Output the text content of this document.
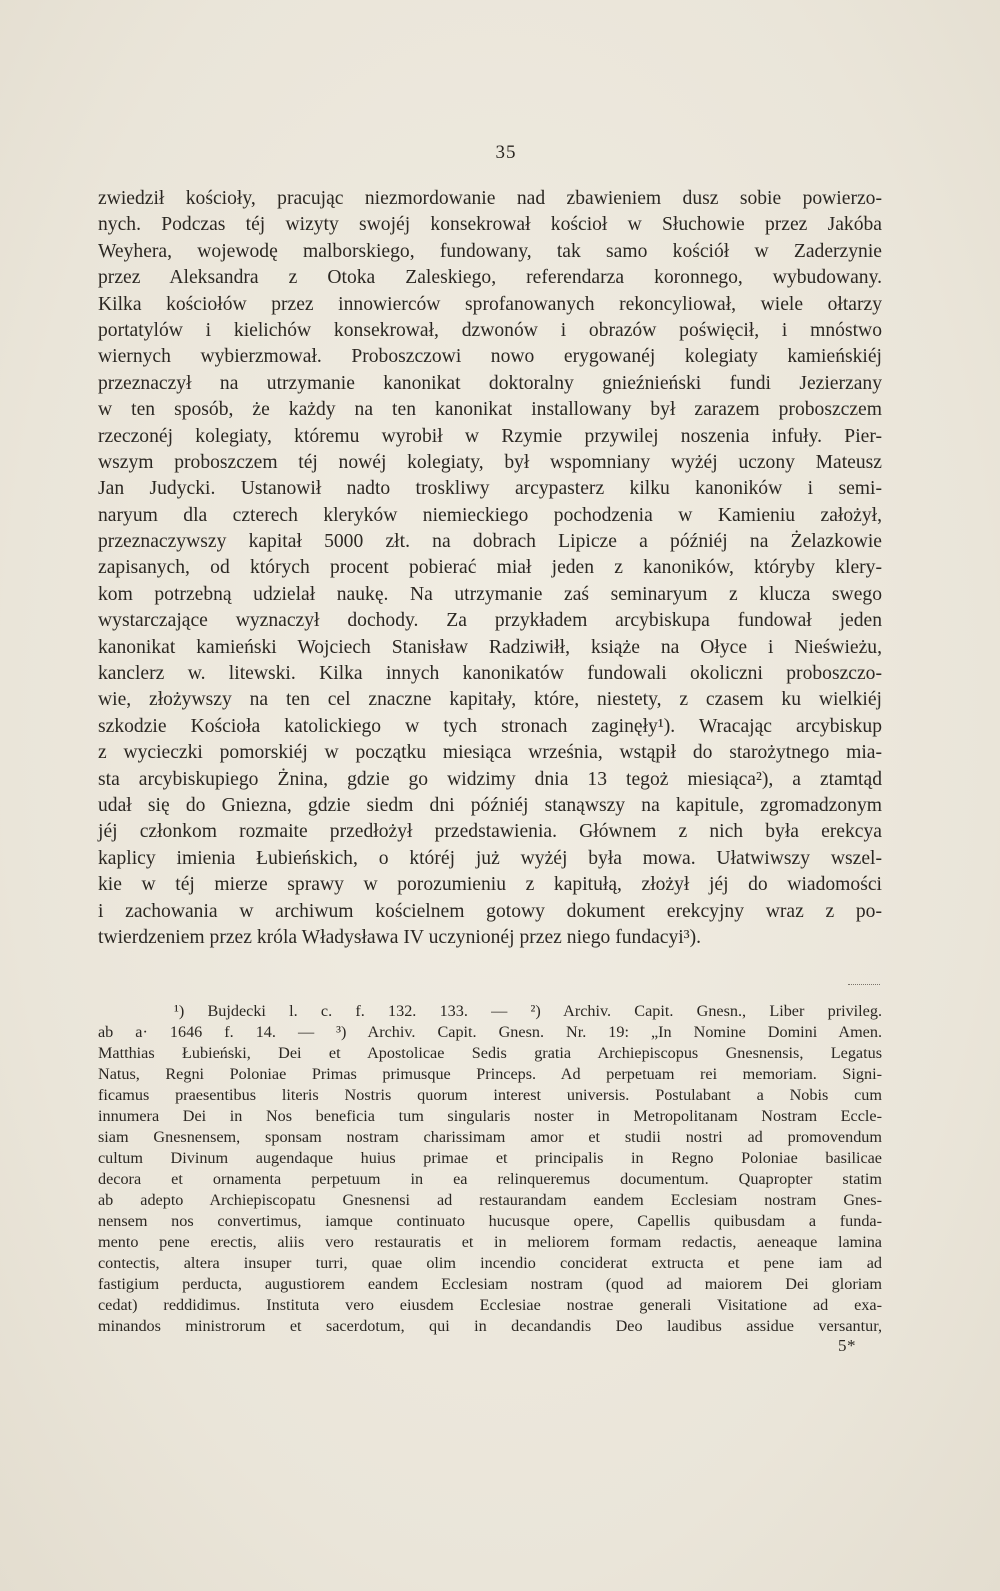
35
zwiedził kościoły, pracując niezmordowanie nad zbawieniem dusz sobie powierzo-
nych. Podczas téj wizyty swojéj konsekrował kościoł w Słuchowie przez Jakóba
Weyhera, wojewodę malborskiego, fundowany, tak samo kościół w Zaderzynie
przez Aleksandra z Otoka Zaleskiego, referendarza koronnego, wybudowany.
Kilka kościołów przez innowierców sprofanowanych rekoncyliował, wiele ołtarzy
portatylów i kielichów konsekrował, dzwonów i obrazów poświęcił, i mnóstwo
wiernych wybierzmował. Proboszczowi nowo erygowanéj kolegiaty kamieńskiéj
przeznaczył na utrzymanie kanonikat doktoralny gnieźnieński fundi Jezierzany
w ten sposób, że każdy na ten kanonikat installowany był zarazem proboszczem
rzeczonéj kolegiaty, któremu wyrobił w Rzymie przywilej noszenia infuły. Pier-
wszym proboszczem téj nowéj kolegiaty, był wspomniany wyżéj uczony Mateusz
Jan Judycki. Ustanowił nadto troskliwy arcypasterz kilku kanoników i semi-
naryum dla czterech kleryków niemieckiego pochodzenia w Kamieniu założył,
przeznaczywszy kapitał 5000 złt. na dobrach Lipicze a późniéj na Żelazkowie
zapisanych, od których procent pobierać miał jeden z kanoników, któryby klery-
kom potrzebną udzielał naukę. Na utrzymanie zaś seminaryum z klucza swego
wystarczające wyznaczył dochody. Za przykładem arcybiskupa fundował jeden
kanonikat kamieński Wojciech Stanisław Radziwiłł, książe na Ołyce i Nieświeżu,
kanclerz w. litewski. Kilka innych kanonikatów fundowali okoliczni proboszczo-
wie, złożywszy na ten cel znaczne kapitały, które, niestety, z czasem ku wielkiéj
szkodzie Kościoła katolickiego w tych stronach zaginęły¹). Wracając arcybiskup
z wycieczki pomorskiéj w początku miesiąca września, wstąpił do starożytnego mia-
sta arcybiskupiego Żnina, gdzie go widzimy dnia 13 tegoż miesiąca²), a ztamtąd
udał się do Gniezna, gdzie siedm dni późniéj stanąwszy na kapitule, zgromadzonym
jéj członkom rozmaite przedłożył przedstawienia. Głównem z nich była erekcya
kaplicy imienia Łubieńskich, o któréj już wyżéj była mowa. Ułatwiwszy wszel-
kie w téj mierze sprawy w porozumieniu z kapitułą, złożył jéj do wiadomości
i zachowania w archiwum kościelnem gotowy dokument erekcyjny wraz z po-
twierdzeniem przez króla Władysława IV uczynionéj przez niego fundacyi³).
¹) Bujdecki l. c. f. 132. 133. — ²) Archiv. Capit. Gnesn., Liber privileg.
ab a· 1646 f. 14. — ³) Archiv. Capit. Gnesn. Nr. 19: „In Nomine Domini Amen.
Matthias Łubieński, Dei et Apostolicae Sedis gratia Archiepiscopus Gnesnensis, Legatus
Natus, Regni Poloniae Primas primusque Princeps. Ad perpetuam rei memoriam. Signi-
ficamus praesentibus literis Nostris quorum interest universis. Postulabant a Nobis cum
innumera Dei in Nos beneficia tum singularis noster in Metropolitanam Nostram Eccle-
siam Gnesnensem, sponsam nostram charissimam amor et studii nostri ad promovendum
cultum Divinum augendaque huius primae et principalis in Regno Poloniae basilicae
decora et ornamenta perpetuum in ea relinqueremus documentum. Quapropter statim
ab adepto Archiepiscopatu Gnesnensi ad restaurandam eandem Ecclesiam nostram Gnes-
nensem nos convertimus, iamque continuato hucusque opere, Capellis quibusdam a funda-
mento pene erectis, aliis vero restauratis et in meliorem formam redactis, aeneaque lamina
contectis, altera insuper turri, quae olim incendio conciderat extructa et pene iam ad
fastigium perducta, augustiorem eandem Ecclesiam nostram (quod ad maiorem Dei gloriam
cedat) reddidimus. Instituta vero eiusdem Ecclesiae nostrae generali Visitatione ad exa-
minandos ministrorum et sacerdotum, qui in decandandis Deo laudibus assidue versantur,
5*
